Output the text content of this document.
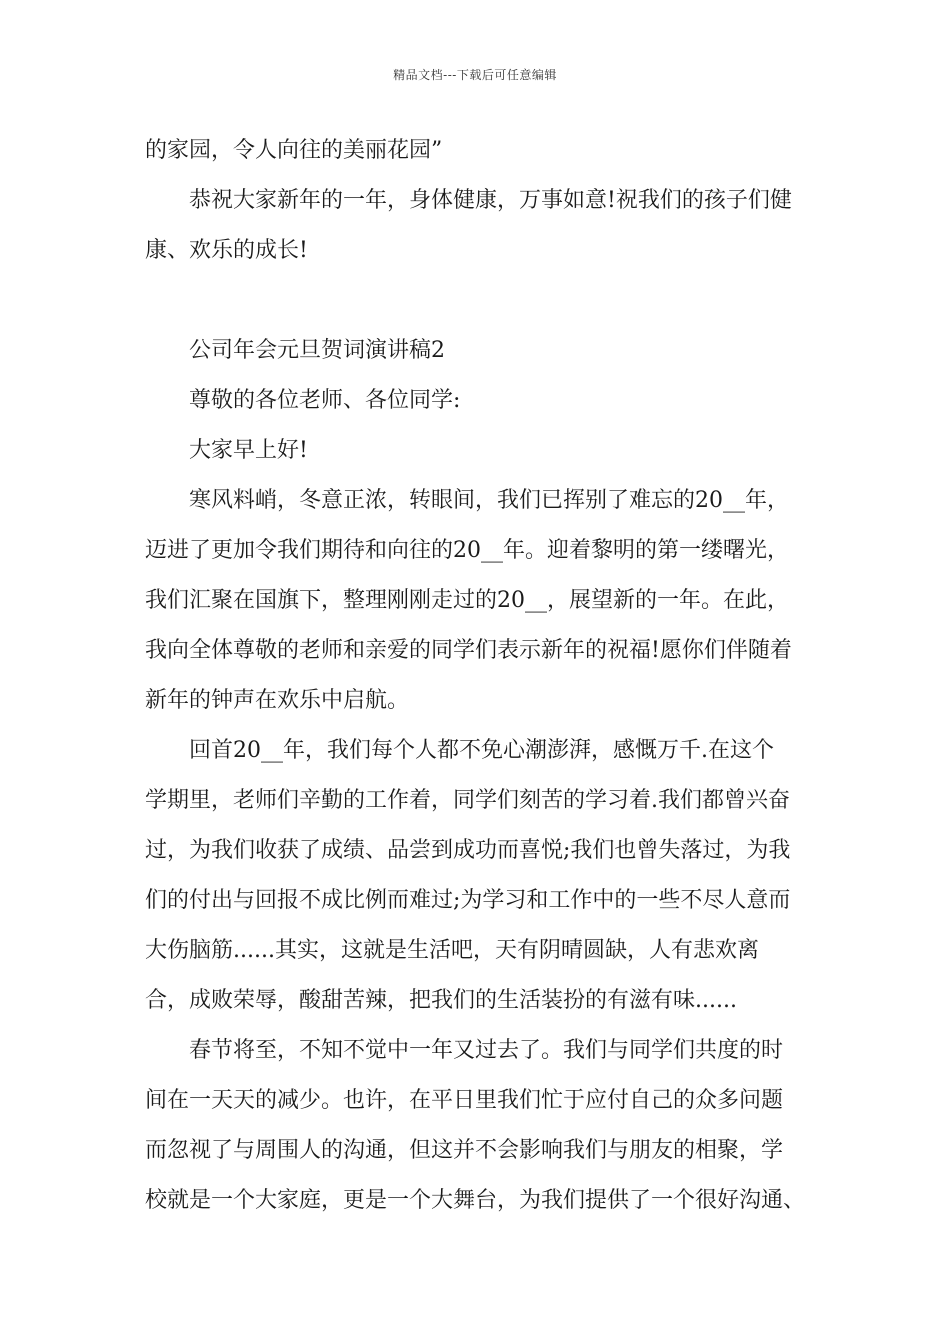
精品文档---下载后可任意编辑
的家园，令人向往的美丽花园”
恭祝大家新年的一年，身体健康，万事如意!祝我们的孩子们健
康、欢乐的成长!
公司年会元旦贺词演讲稿2
尊敬的各位老师、各位同学:
大家早上好!
寒风料峭，冬意正浓，转眼间，我们已挥别了难忘的20__年，
迈进了更加令我们期待和向往的20__年。迎着黎明的第一缕曙光，
我们汇聚在国旗下，整理刚刚走过的20__，展望新的一年。在此，
我向全体尊敬的老师和亲爱的同学们表示新年的祝福!愿你们伴随着
新年的钟声在欢乐中启航。
回首20__年，我们每个人都不免心潮澎湃，感慨万千.在这个
学期里，老师们辛勤的工作着，同学们刻苦的学习着.我们都曾兴奋
过，为我们收获了成绩、品尝到成功而喜悦;我们也曾失落过，为我
们的付出与回报不成比例而难过;为学习和工作中的一些不尽人意而
大伤脑筋......其实，这就是生活吧，天有阴晴圆缺，人有悲欢离
合，成败荣辱，酸甜苦辣，把我们的生活装扮的有滋有味......
春节将至，不知不觉中一年又过去了。我们与同学们共度的时
间在一天天的减少。也许，在平日里我们忙于应付自己的众多问题
而忽视了与周围人的沟通，但这并不会影响我们与朋友的相聚，学
校就是一个大家庭，更是一个大舞台，为我们提供了一个很好沟通、
